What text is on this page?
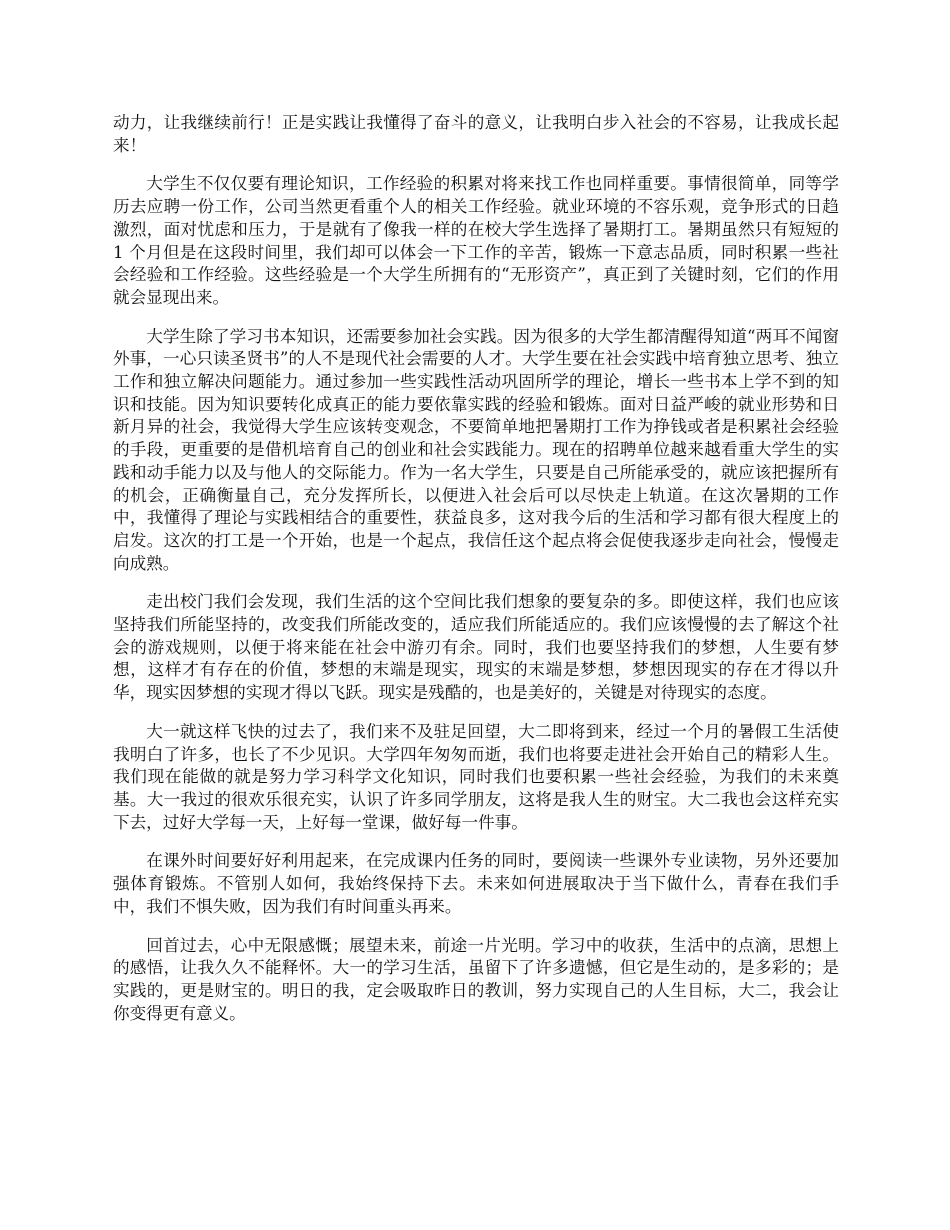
动力，让我继续前行！正是实践让我懂得了奋斗的意义，让我明白步入社会的不容易，让我成长起来！

大学生不仅仅要有理论知识，工作经验的积累对将来找工作也同样重要。事情很简单，同等学历去应聘一份工作，公司当然更看重个人的相关工作经验。就业环境的不容乐观，竞争形式的日趋激烈，面对忧虑和压力，于是就有了像我一样的在校大学生选择了暑期打工。暑期虽然只有短短的 1 个月但是在这段时间里，我们却可以体会一下工作的辛苦，锻炼一下意志品质，同时积累一些社会经验和工作经验。这些经验是一个大学生所拥有的“无形资产”，真正到了关键时刻，它们的作用就会显现出来。

大学生除了学习书本知识，还需要参加社会实践。因为很多的大学生都清醒得知道“两耳不闻窗外事，一心只读圣贤书”的人不是现代社会需要的人才。大学生要在社会实践中培育独立思考、独立工作和独立解决问题能力。通过参加一些实践性活动巩固所学的理论，增长一些书本上学不到的知识和技能。因为知识要转化成真正的能力要依靠实践的经验和锻炼。面对日益严峻的就业形势和日新月异的社会，我觉得大学生应该转变观念，不要简单地把暑期打工作为挣钱或者是积累社会经验的手段，更重要的是借机培育自己的创业和社会实践能力。现在的招聘单位越来越看重大学生的实践和动手能力以及与他人的交际能力。作为一名大学生，只要是自己所能承受的，就应该把握所有的机会，正确衡量自己，充分发挥所长，以便进入社会后可以尽快走上轨道。在这次暑期的工作中，我懂得了理论与实践相结合的重要性，获益良多，这对我今后的生活和学习都有很大程度上的启发。这次的打工是一个开始，也是一个起点，我信任这个起点将会促使我逐步走向社会，慢慢走向成熟。

走出校门我们会发现，我们生活的这个空间比我们想象的要复杂的多。即使这样，我们也应该坚持我们所能坚持的，改变我们所能改变的，适应我们所能适应的。我们应该慢慢的去了解这个社会的游戏规则，以便于将来能在社会中游刃有余。同时，我们也要坚持我们的梦想，人生要有梦想，这样才有存在的价值，梦想的末端是现实，现实的末端是梦想，梦想因现实的存在才得以升华，现实因梦想的实现才得以飞跃。现实是残酷的，也是美好的，关键是对待现实的态度。

大一就这样飞快的过去了，我们来不及驻足回望，大二即将到来，经过一个月的暑假工生活使我明白了许多，也长了不少见识。大学四年匆匆而逝，我们也将要走进社会开始自己的精彩人生。我们现在能做的就是努力学习科学文化知识，同时我们也要积累一些社会经验，为我们的未来奠基。大一我过的很欢乐很充实，认识了许多同学朋友，这将是我人生的财宝。大二我也会这样充实下去，过好大学每一天，上好每一堂课，做好每一件事。

在课外时间要好好利用起来，在完成课内任务的同时，要阅读一些课外专业读物，另外还要加强体育锻炼。不管别人如何，我始终保持下去。未来如何进展取决于当下做什么，青春在我们手中，我们不惧失败，因为我们有时间重头再来。

回首过去，心中无限感慨；展望未来，前途一片光明。学习中的收获，生活中的点滴，思想上的感悟，让我久久不能释怀。大一的学习生活，虽留下了许多遗憾，但它是生动的，是多彩的；是实践的，更是财宝的。明日的我，定会吸取昨日的教训，努力实现自己的人生目标，大二，我会让你变得更有意义。
